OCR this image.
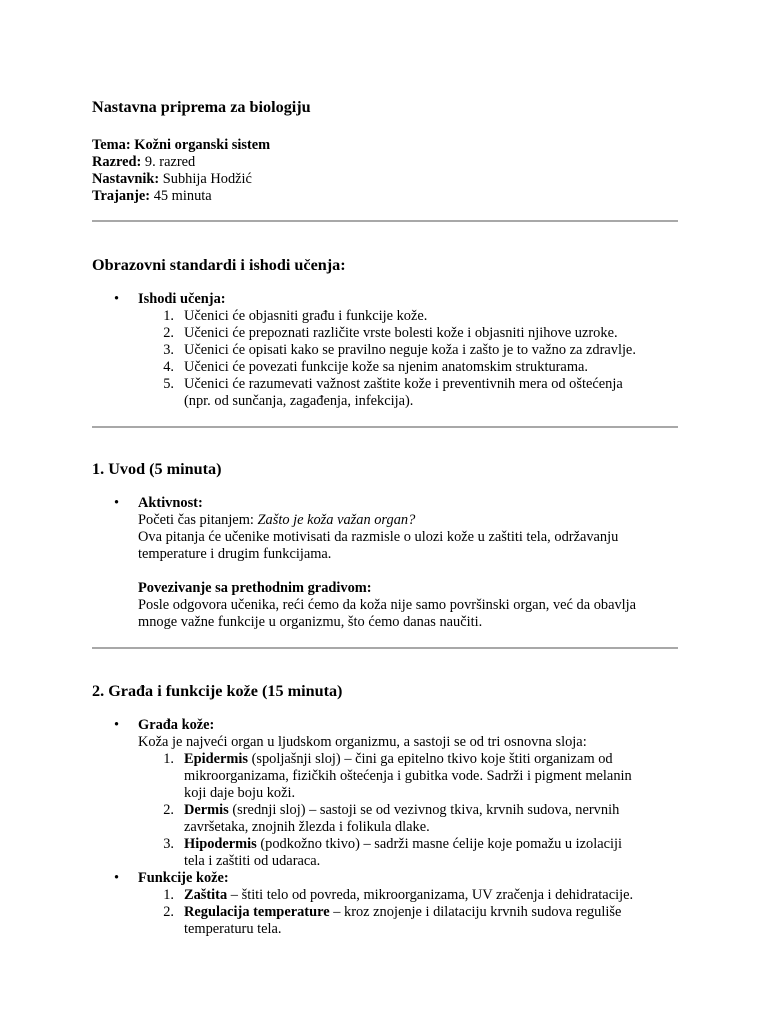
Nastavna priprema za biologiju
Tema: Kožni organski sistem
Razred: 9. razred
Nastavnik: Subhija Hodžić
Trajanje: 45 minuta
Obrazovni standardi i ishodi učenja:
• Ishodi učenja:
1. Učenici će objasniti građu i funkcije kože.
2. Učenici će prepoznati različite vrste bolesti kože i objasniti njihove uzroke.
3. Učenici će opisati kako se pravilno neguje koža i zašto je to važno za zdravlje.
4. Učenici će povezati funkcije kože sa njenim anatomskim strukturama.
5. Učenici će razumevati važnost zaštite kože i preventivnih mera od oštećenja
(npr. od sunčanja, zagađenja, infekcija).
1. Uvod (5 minuta)
• Aktivnost:
Početi čas pitanjem: Zašto je koža važan organ?
Ova pitanja će učenike motivisati da razmisle o ulozi kože u zaštiti tela, održavanju
temperature i drugim funkcijama.
Povezivanje sa prethodnim gradivom:
Posle odgovora učenika, reći ćemo da koža nije samo površinski organ, već da obavlja
mnoge važne funkcije u organizmu, što ćemo danas naučiti.
2. Građa i funkcije kože (15 minuta)
• Građa kože:
Koža je najveći organ u ljudskom organizmu, a sastoji se od tri osnovna sloja:
1. Epidermis (spoljašnji sloj) – čini ga epitelno tkivo koje štiti organizam od
mikroorganizama, fizičkih oštećenja i gubitka vode. Sadrži i pigment melanin
koji daje boju koži.
2. Dermis (srednji sloj) – sastoji se od vezivnog tkiva, krvnih sudova, nervnih
završetaka, znojnih žlezda i folikula dlake.
3. Hipodermis (podkožno tkivo) – sadrži masne ćelije koje pomažu u izolaciji
tela i zaštiti od udaraca.
• Funkcije kože:
1. Zaštita – štiti telo od povreda, mikroorganizama, UV zračenja i dehidratacije.
2. Regulacija temperature – kroz znojenje i dilataciju krvnih sudova reguliše
temperaturu tela.
